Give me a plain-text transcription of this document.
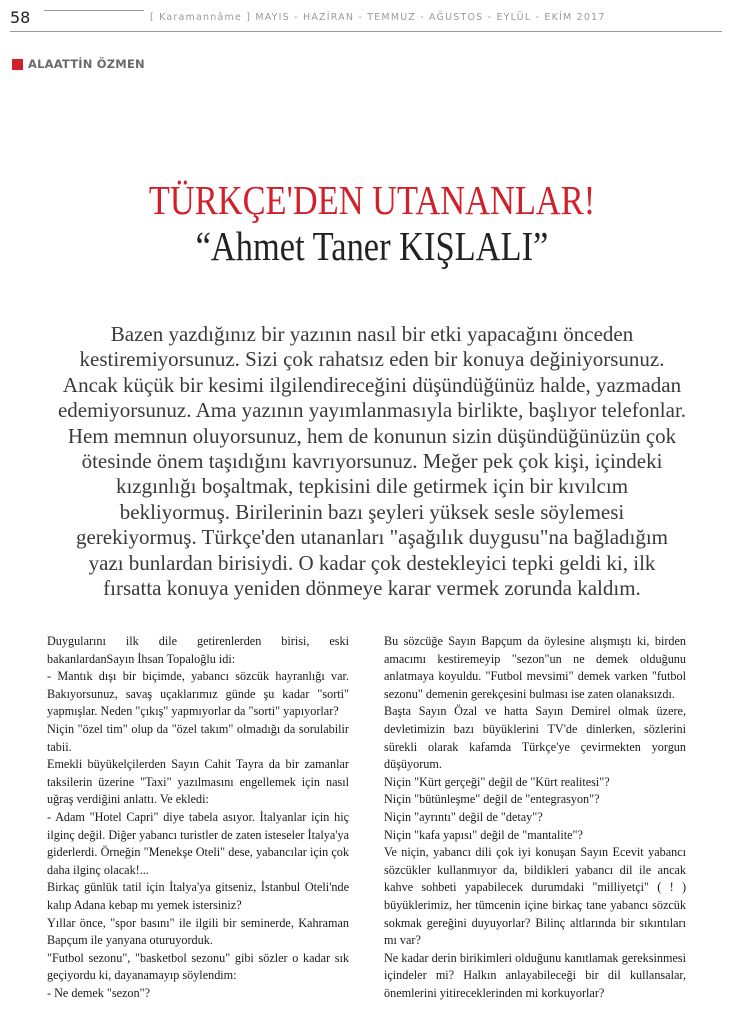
58	[ Karamannâme ] MAYIS - HAZİRAN - TEMMUZ - AĞUSTOS - EYLÜL - EKİM 2017
ALAATTİN ÖZMEN
TÜRKÇE'DEN UTANANLAR!
“Ahmet Taner KIŞLALI”
Bazen yazdığınız bir yazının nasıl bir etki yapacağını önceden
kestiremiyorsunuz. Sizi çok rahatsız eden bir konuya değiniyorsunuz.
Ancak küçük bir kesimi ilgilendireceğini düşündüğünüz halde, yazmadan
edemiyorsunuz. Ama yazının yayımlanmasıyla birlikte, başlıyor telefonlar.
Hem memnun oluyorsunuz, hem de konunun sizin düşündüğünüzün çok
ötesinde önem taşıdığını kavrıyorsunuz. Meğer pek çok kişi, içindeki
kızgınlığı boşaltmak, tepkisini dile getirmek için bir kıvılcım
bekliyormuş. Birilerinin bazı şeyleri yüksek sesle söylemesi
gerekiyormuş. Türkçe'den utananları "aşağılık duygusu"na bağladığım
yazı bunlardan birisiydi. O kadar çok destekleyici tepki geldi ki, ilk
fırsatta konuya yeniden dönmeye karar vermek zorunda kaldım.

Duygularını ilk dile getirenlerden birisi, eski bakanlardanSayın İhsan Topaloğlu idi:

- Mantık dışı bir biçimde, yabancı sözcük hayranlığı var. Bakıyorsunuz, savaş uçaklarımız günde şu kadar "sorti" yapmışlar. Neden "çıkış" yapmıyorlar da "sorti" yapıyorlar?

Niçin "özel tim" olup da "özel takım" olmadığı da sorulabilir tabii.

Emekli büyükelçilerden Sayın Cahit Tayra da bir zamanlar taksilerin üzerine "Taxi" yazılmasını engellemek için nasıl uğraş verdiğini anlattı. Ve ekledi:

- Adam "Hotel Capri" diye tabela asıyor. İtalyanlar için hiç ilginç değil. Diğer yabancı turistler de zaten isteseler İtalya'ya giderlerdi. Örneğin "Menekşe Oteli" dese, yabancılar için çok daha ilginç olacak!...

Birkaç günlük tatil için İtalya'ya gitseniz, İstanbul Oteli'nde kalıp Adana kebap mı yemek istersiniz?

Yıllar önce, "spor basını" ile ilgili bir seminerde, Kahraman Bapçum ile yanyana oturuyorduk.

"Futbol sezonu", "basketbol sezonu" gibi sözler o kadar sık geçiyordu ki, dayanamayıp söylendim:

- Ne demek "sezon"?

Bu sözcüğe Sayın Bapçum da öylesine alışmıştı ki, birden amacımı kestiremeyip "sezon"un ne demek olduğunu anlatmaya koyuldu. "Futbol mevsimi" demek varken "futbol sezonu" demenin gerekçesini bulması ise zaten olanaksızdı.

Başta Sayın Özal ve hatta Sayın Demirel olmak üzere, devletimizin bazı büyüklerini TV'de dinlerken, sözlerini sürekli olarak kafamda Türkçe'ye çevirmekten yorgun düşüyorum.

Niçin "Kürt gerçeği" değil de "Kürt realitesi"?

Niçin "bütünleşme" değil de "entegrasyon"?

Niçin "ayrıntı" değil de "detay"?

Niçin "kafa yapısı" değil de "mantalite"?

Ve niçin, yabancı dili çok iyi konuşan Sayın Ecevit yabancı sözcükler kullanmıyor da, bildikleri yabancı dil ile ancak kahve sohbeti yapabilecek durumdaki "milliyetçi" ( ! ) büyüklerimiz, her tümcenin içine birkaç tane yabancı sözcük sokmak gereğini duyuyorlar? Bilinç altlarında bir sıkıntıları mı var?

Ne kadar derin birikimleri olduğunu kanıtlamak gereksinmesi içindeler mi? Halkın anlayabileceği bir dil kullansalar, önemlerini yitireceklerinden mi korkuyorlar?
